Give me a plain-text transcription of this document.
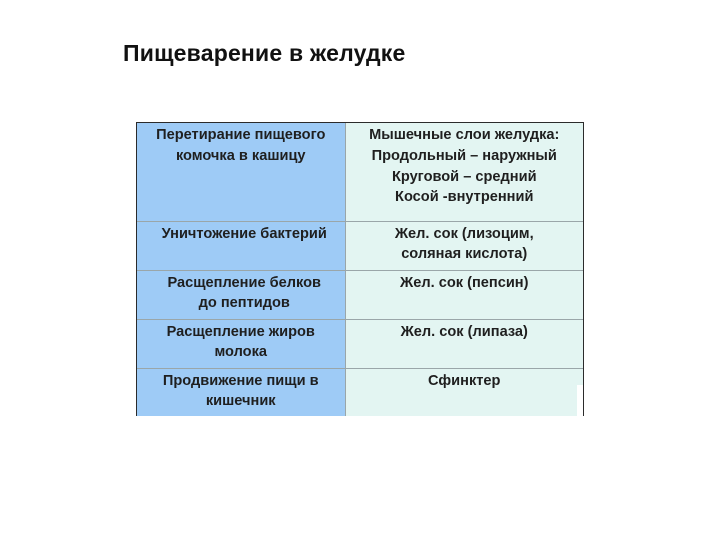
Пищеварение в желудке
Перетирание пищевого
комочка в кашицу	Мышечные слои желудка:
Продольный – наружный
Круговой – средний
Косой -внутренний

Уничтожение бактерий	Жел. сок (лизоцим,
соляная кислота)

Расщепление белков
до пептидов	Жел. сок (пепсин)

Расщепление жиров
молока	Жел. сок (липаза)

Продвижение пищи в
кишечник	Сфинктер
